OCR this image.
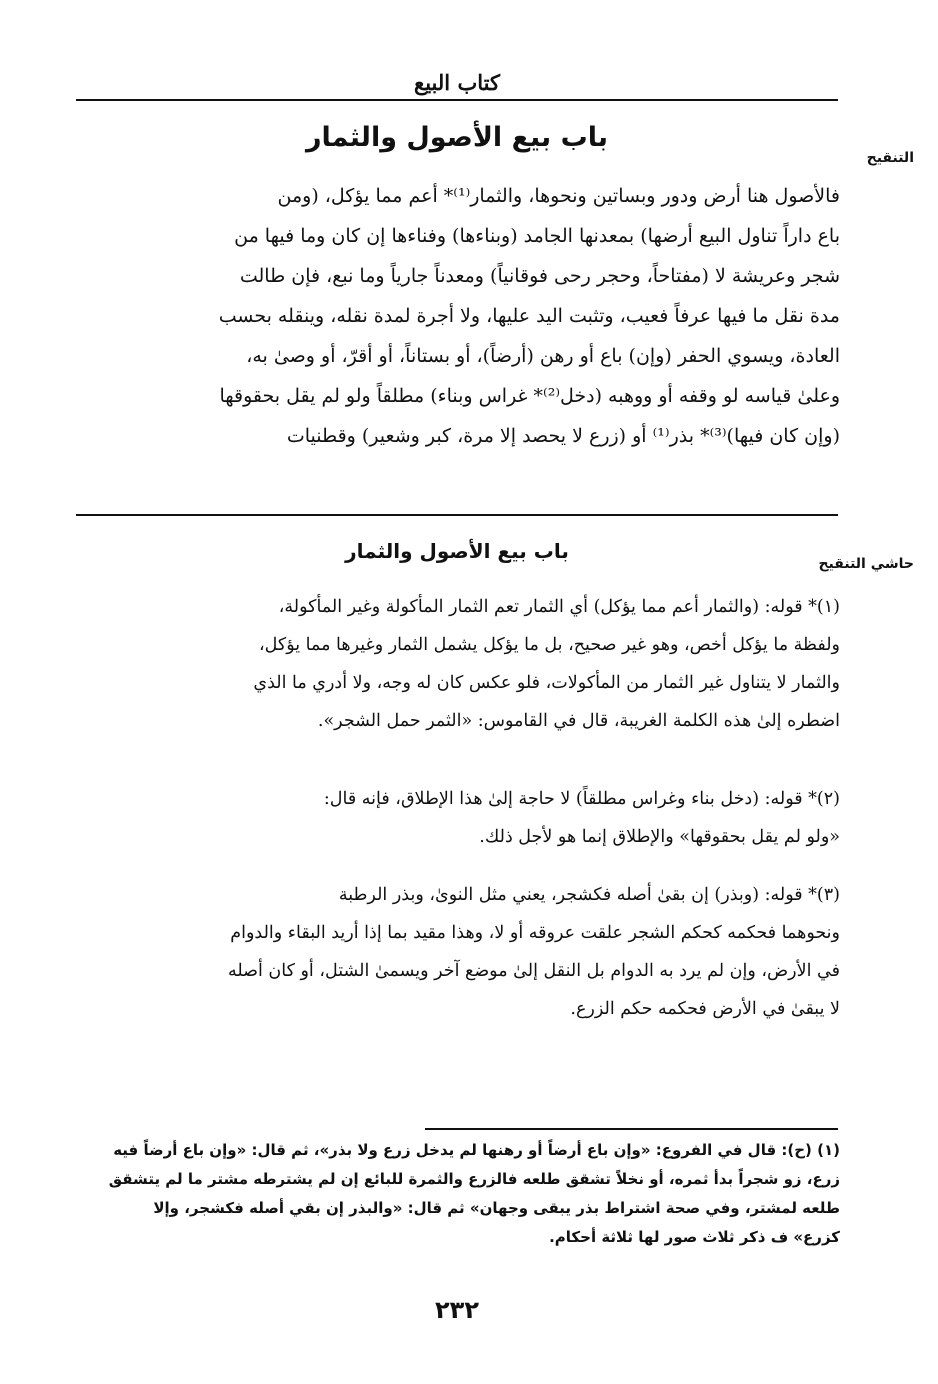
كتاب البيع
باب بيع الأصول والثمار
التنقيح
فالأصول هنا أرض ودور وبساتين ونحوها، والثمار⁽¹⁾* أعم مما يؤكل، (ومن
باع داراً تناول البيع أرضها) بمعدنها الجامد (وبناءها) وفناءها إن كان وما فيها من
شجر وعريشة لا (مفتاحاً، وحجر رحى فوقانياً) ومعدناً جارياً وما نبع، فإن طالت
مدة نقل ما فيها عرفاً فعيب، وتثبت اليد عليها، ولا أجرة لمدة نقله، وينقله بحسب
العادة، ويسوي الحفر (وإن) باع أو رهن (أرضاً)، أو بستاناً، أو أقرّ، أو وصىٰ به،
وعلىٰ قياسه لو وقفه أو ووهبه (دخل⁽²⁾* غراس وبناء) مطلقاً ولو لم يقل بحقوقها
(وإن كان فيها)⁽³⁾* بذر⁽¹⁾ أو (زرع لا يحصد إلا مرة، كبر وشعير) وقطنيات
باب بيع الأصول والثمار
حاشي التنقيح
(١)* قوله: (والثمار أعم مما يؤكل) أي الثمار تعم الثمار المأكولة وغير المأكولة،
ولفظة ما يؤكل أخص، وهو غير صحيح، بل ما يؤكل يشمل الثمار وغيرها مما يؤكل،
والثمار لا يتناول غير الثمار من المأكولات، فلو عكس كان له وجه، ولا أدري ما الذي
اضطره إلىٰ هذه الكلمة الغريبة، قال في القاموس: «الثمر حمل الشجر».
(٢)* قوله: (دخل بناء وغراس مطلقاً) لا حاجة إلىٰ هذا الإطلاق، فإنه قال:
«ولو لم يقل بحقوقها» والإطلاق إنما هو لأجل ذلك.
(٣)* قوله: (وبذر) إن بقىٰ أصله فكشجر، يعني مثل النوىٰ، وبذر الرطبة
ونحوهما فحكمه كحكم الشجر علقت عروقه أو لا، وهذا مقيد بما إذا أريد البقاء والدوام
في الأرض، وإن لم يرد به الدوام بل النقل إلىٰ موضع آخر ويسمىٰ الشتل، أو كان أصله
لا يبقىٰ في الأرض فحكمه حكم الزرع.
(١) (ح): قال في الفروع: «وإن باع أرضاً أو رهنها لم يدخل زرع ولا بذر»، ثم قال: «وإن باع أرضاً فيه
زرع، زو شجراً بدأ ثمره، أو نخلاً تشقق طلعه فالزرع والثمرة للبائع إن لم يشترطه مشتر ما لم يتشقق
طلعه لمشتر، وفي صحة اشتراط بذر يبقى وجهان» ثم قال: «والبذر إن بقي أصله فكشجر، وإلا
كزرع» ف ذكر ثلاث صور لها ثلاثة أحكام.
٢٣٢
